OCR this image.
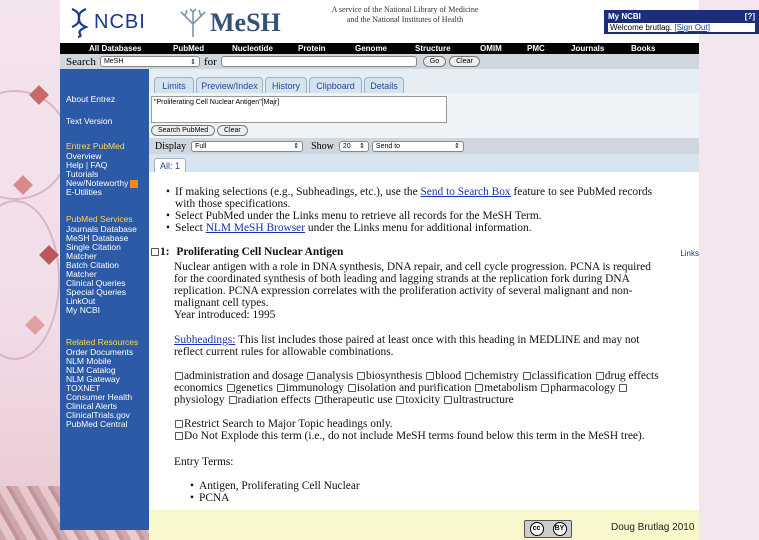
NCBI MeSH	A service of the National Library of Medicine
and the National Institutes of Health	My NCBI	[?]
Welcome brutlag. [Sign Out]
All Databases	PubMed	Nucleotide	Protein	Genome	Structure	OMIM	PMC	Journals	Books
Search MeSH	⇕ for	Go Clear
About Entrez
Text Version
Entrez PubMed
Overview
Help | FAQ
Tutorials
New/Noteworthy
E-Utilities
PubMed Services
Journals Database
MeSH Database
Single Citation
Matcher
Batch Citation
Matcher
Clinical Queries
Special Queries
LinkOut
My NCBI
Related Resources
Order Documents
NLM Mobile
NLM Catalog
NLM Gateway
TOXNET
Consumer Health
Clinical Alerts
ClinicalTrials.gov
PubMed Central
Limits	Preview/Index	History	Clipboard	Details
"Proliferating Cell Nuclear Antigen"[Majr]
Search PubMed Clear
Display Full	⇕ Show 20 ⇕ Send to	⇕
All: 1
• If making selections (e.g., Subheadings, etc.), use the Send to Search Box feature to see PubMed records
with those specifications.
• Select PubMed under the Links menu to retrieve all records for the MeSH Term.
• Select NLM MeSH Browser under the Links menu for additional information.
1: Proliferating Cell Nuclear Antigen	Links
Nuclear antigen with a role in DNA synthesis, DNA repair, and cell cycle progression. PCNA is required
for the coordinated synthesis of both leading and lagging strands at the replication fork during DNA
replication. PCNA expression correlates with the proliferation activity of several malignant and non-
malignant cell types.
Year introduced: 1995
Subheadings: This list includes those paired at least once with this heading in MEDLINE and may not
reflect current rules for allowable combinations.
administration and dosage analysis biosynthesis blood chemistry classification drug effects
economics genetics immunology isolation and purification metabolism pharmacology
physiology radiation effects therapeutic use toxicity ultrastructure
Restrict Search to Major Topic headings only.
Do Not Explode this term (i.e., do not include MeSH terms found below this term in the MeSH tree).
Entry Terms:
• Antigen, Proliferating Cell Nuclear
• PCNA
cc	BY	Doug Brutlag 2010
